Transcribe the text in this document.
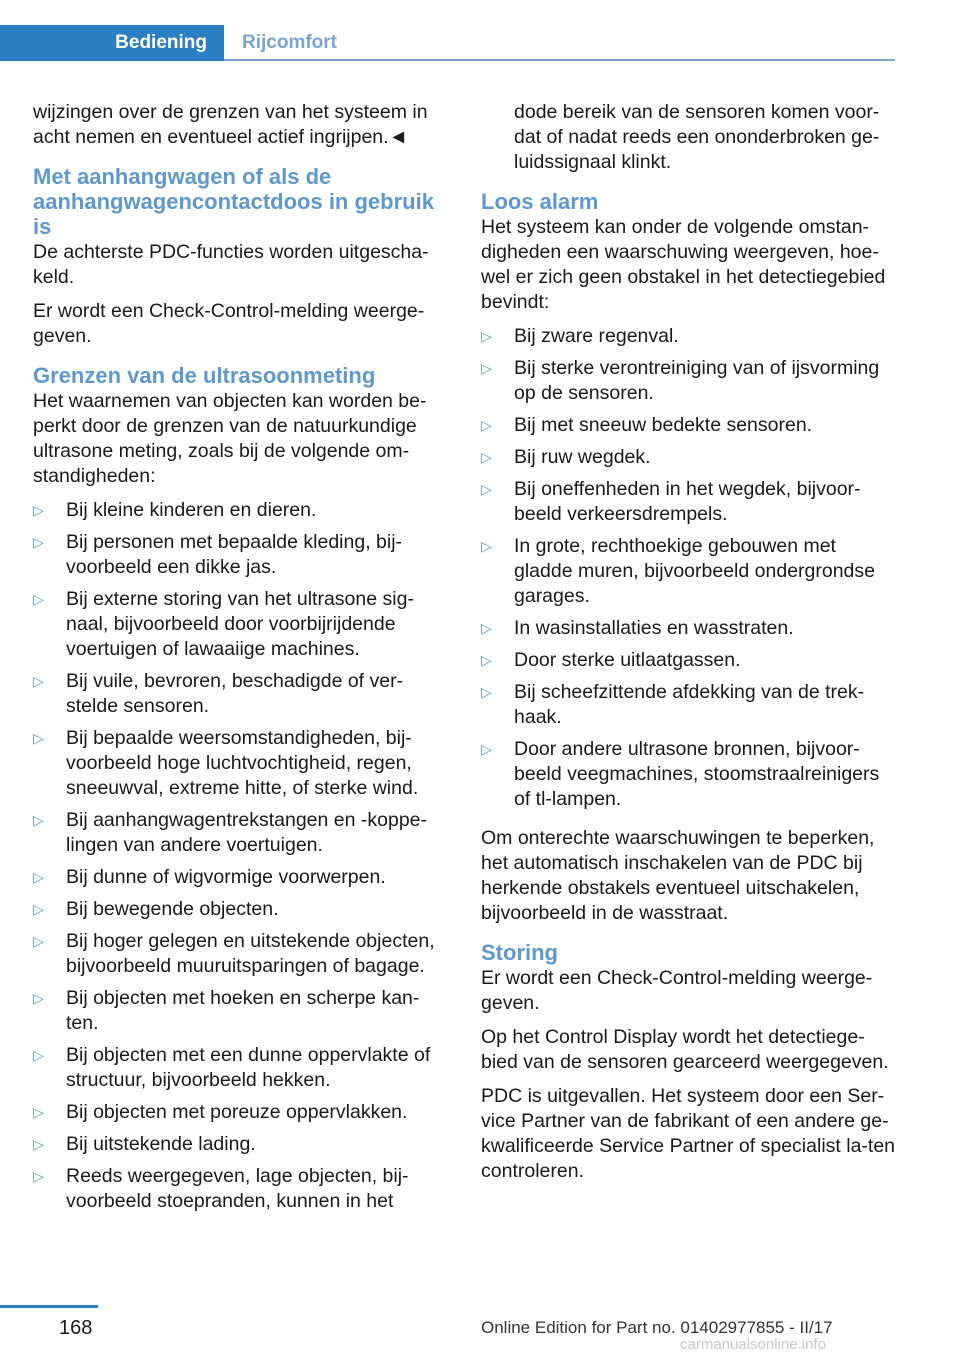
Bediening	Rijcomfort

wijzingen over de grenzen van het systeem in acht nemen en eventueel actief ingrijpen.◄

Met aanhangwagen of als de aanhangwagencontactdoos in gebruik is

De achterste PDC-functies worden uitgescha-keld.

Er wordt een Check-Control-melding weerge-geven.

Grenzen van de ultrasoonmeting

Het waarnemen van objecten kan worden be-perkt door de grenzen van de natuurkundige ultrasone meting, zoals bij de volgende om-standigheden:

▷ Bij kleine kinderen en dieren.
▷ Bij personen met bepaalde kleding, bij-voorbeeld een dikke jas.
▷ Bij externe storing van het ultrasone sig-naal, bijvoorbeeld door voorbijrijdende voertuigen of lawaaiige machines.
▷ Bij vuile, bevroren, beschadigde of ver-stelde sensoren.
▷ Bij bepaalde weersomstandigheden, bij-voorbeeld hoge luchtvochtigheid, regen, sneeuwval, extreme hitte, of sterke wind.
▷ Bij aanhangwagentrekstangen en -koppe-lingen van andere voertuigen.
▷ Bij dunne of wigvormige voorwerpen.
▷ Bij bewegende objecten.
▷ Bij hoger gelegen en uitstekende objecten, bijvoorbeeld muuruitsparingen of bagage.
▷ Bij objecten met hoeken en scherpe kan-ten.
▷ Bij objecten met een dunne oppervlakte of structuur, bijvoorbeeld hekken.
▷ Bij objecten met poreuze oppervlakken.
▷ Bij uitstekende lading.
▷ Reeds weergegeven, lage objecten, bij-voorbeeld stoepranden, kunnen in het

dode bereik van de sensoren komen voor-dat of nadat reeds een ononderbroken ge-luidssignaal klinkt.

Loos alarm

Het systeem kan onder de volgende omstan-digheden een waarschuwing weergeven, hoe-wel er zich geen obstakel in het detectiegebied bevindt:

▷ Bij zware regenval.
▷ Bij sterke verontreiniging van of ijsvorming op de sensoren.
▷ Bij met sneeuw bedekte sensoren.
▷ Bij ruw wegdek.
▷ Bij oneffenheden in het wegdek, bijvoor-beeld verkeersdrempels.
▷ In grote, rechthoekige gebouwen met gladde muren, bijvoorbeeld ondergrondse garages.
▷ In wasinstallaties en wasstraten.
▷ Door sterke uitlaatgassen.
▷ Bij scheefzittende afdekking van de trek-haak.
▷ Door andere ultrasone bronnen, bijvoor-beeld veegmachines, stoomstraalreinigers of tl-lampen.

Om onterechte waarschuwingen te beperken, het automatisch inschakelen van de PDC bij herkende obstakels eventueel uitschakelen, bijvoorbeeld in de wasstraat.

Storing

Er wordt een Check-Control-melding weerge-geven.

Op het Control Display wordt het detectiege-bied van de sensoren gearceerd weergegeven.

PDC is uitgevallen. Het systeem door een Ser-vice Partner van de fabrikant of een andere ge-kwalificeerde Service Partner of specialist la-ten controleren.

168	Online Edition for Part no. 01402977855 - II/17
carmanualsonline.info
